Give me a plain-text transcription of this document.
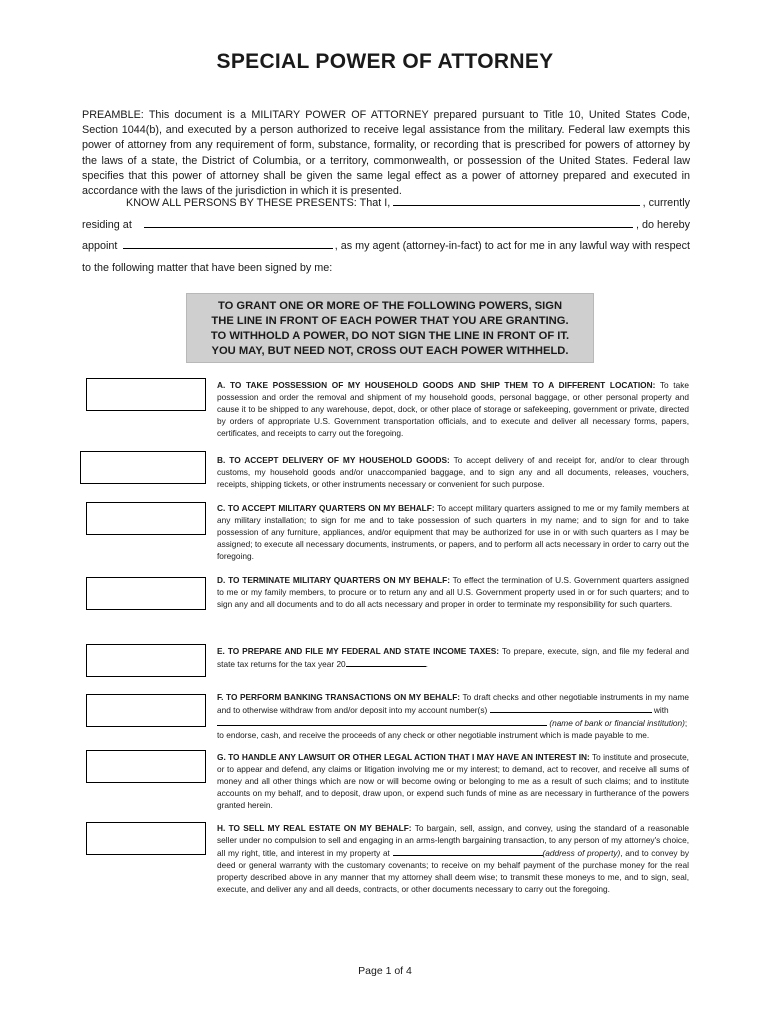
SPECIAL POWER OF ATTORNEY
PREAMBLE: This document is a MILITARY POWER OF ATTORNEY prepared pursuant to Title 10, United States Code, Section 1044(b), and executed by a person authorized to receive legal assistance from the military. Federal law exempts this power of attorney from any requirement of form, substance, formality, or recording that is prescribed for powers of attorney by the laws of a state, the District of Columbia, or a territory, commonwealth, or possession of the United States. Federal law specifies that this power of attorney shall be given the same legal effect as a power of attorney prepared and executed in accordance with the laws of the jurisdiction in which it is presented.
KNOW ALL PERSONS BY THESE PRESENTS: That I,	, currently
residing at	, do hereby
appoint	, as my agent (attorney-in-fact) to act for me in any lawful way with respect
to the following matter that have been signed by me:
TO GRANT ONE OR MORE OF THE FOLLOWING POWERS, SIGN
THE LINE IN FRONT OF EACH POWER THAT YOU ARE GRANTING.
TO WITHHOLD A POWER, DO NOT SIGN THE LINE IN FRONT OF IT.
YOU MAY, BUT NEED NOT, CROSS OUT EACH POWER WITHHELD.
A. TO TAKE POSSESSION OF MY HOUSEHOLD GOODS AND SHIP THEM TO A DIFFERENT LOCATION: To take possession and order the removal and shipment of my household goods, personal baggage, or other personal property and cause it to be shipped to any warehouse, depot, dock, or other place of storage or safekeeping, government or private, directed by orders of appropriate U.S. Government transportation officials, and to execute and deliver all necessary forms, papers, certificates, and receipts to carry out the foregoing.
B. TO ACCEPT DELIVERY OF MY HOUSEHOLD GOODS: To accept delivery of and receipt for, and/or to clear through customs, my household goods and/or unaccompanied baggage, and to sign any and all documents, releases, vouchers, receipts, shipping tickets, or other instruments necessary or convenient for such purpose.
C. TO ACCEPT MILITARY QUARTERS ON MY BEHALF: To accept military quarters assigned to me or my family members at any military installation; to sign for me and to take possession of such quarters in my name; and to sign for and to take possession of any furniture, appliances, and/or equipment that may be authorized for use in or with such quarters as I may be assigned; to execute all necessary documents, instruments, or papers, and to perform all acts necessary in order to carry out the foregoing.
D. TO TERMINATE MILITARY QUARTERS ON MY BEHALF: To effect the termination of U.S. Government quarters assigned to me or my family members, to procure or to return any and all U.S. Government property used in or for such quarters; and to sign any and all documents and to do all acts necessary and proper in order to terminate my responsibility for such quarters.
E. TO PREPARE AND FILE MY FEDERAL AND STATE INCOME TAXES: To prepare, execute, sign, and file my federal and state tax returns for the tax year 20	.
F. TO PERFORM BANKING TRANSACTIONS ON MY BEHALF: To draft checks and other negotiable instruments in my name and to otherwise withdraw from and/or deposit into my account number(s)	with
(name of bank or financial institution);
to endorse, cash, and receive the proceeds of any check or other negotiable instrument which is made payable to me.
G. TO HANDLE ANY LAWSUIT OR OTHER LEGAL ACTION THAT I MAY HAVE AN INTEREST IN: To institute and prosecute, or to appear and defend, any claims or litigation involving me or my interest; to demand, act to recover, and receive all sums of money and all other things which are now or will become owing or belonging to me as a result of such claims; and to institute accounts on my behalf, and to deposit, draw upon, or expend such funds of mine as are necessary in furtherance of the powers granted herein.
H. TO SELL MY REAL ESTATE ON MY BEHALF: To bargain, sell, assign, and convey, using the standard of a reasonable seller under no compulsion to sell and engaging in an arms-length bargaining transaction, to any person of my attorney's choice, all my right, title, and interest in my property at	(address of property), and to convey by deed or general warranty with the customary covenants; to receive on my behalf payment of the purchase money for the real property described above in any manner that my attorney shall deem wise; to transmit these moneys to me, and to sign, seal, execute, and deliver any and all deeds, contracts, or other documents necessary to carry out the foregoing.
Page 1 of 4
